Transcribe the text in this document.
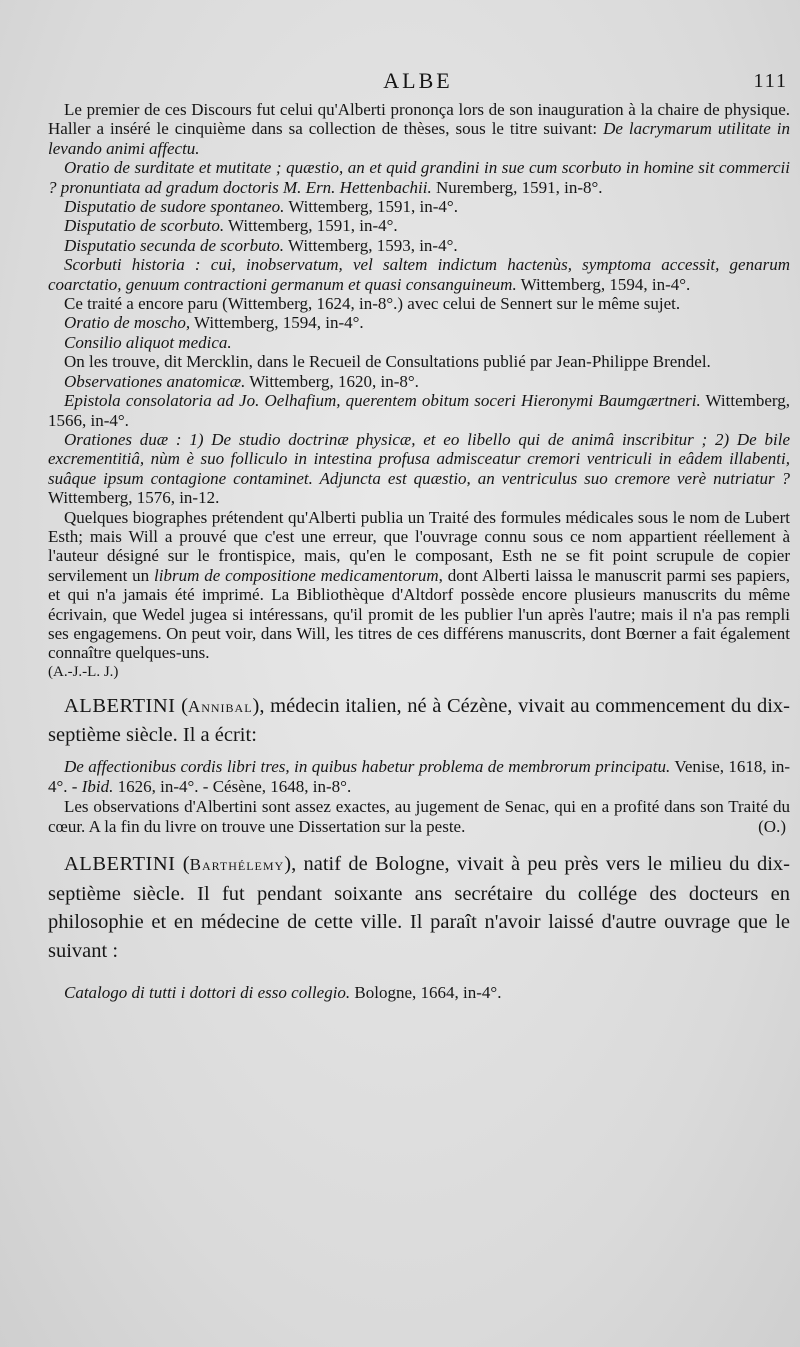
ALBE	111

Le premier de ces Discours fut celui qu'Alberti prononça lors de son inauguration à la chaire de physique. Haller a inséré le cinquième dans sa collection de thèses, sous le titre suivant: De lacrymarum utilitate in levando animi affectu.

Oratio de surditate et mutitate ; quæstio, an et quid grandini in sue cum scorbuto in homine sit commercii ? pronuntiata ad gradum doctoris M. Ern. Hettenbachii. Nuremberg, 1591, in-8°.

Disputatio de sudore spontaneo. Wittemberg, 1591, in-4°.

Disputatio de scorbuto. Wittemberg, 1591, in-4°.

Disputatio secunda de scorbuto. Wittemberg, 1593, in-4°.

Scorbuti historia : cui, inobservatum, vel saltem indictum hactenùs, symptoma accessit, genarum coarctatio, genuum contractioni germanum et quasi consanguineum. Wittemberg, 1594, in-4°.

Ce traité a encore paru (Wittemberg, 1624, in-8°.) avec celui de Sennert sur le même sujet.

Oratio de moscho, Wittemberg, 1594, in-4°.

Consilio aliquot medica.

On les trouve, dit Mercklin, dans le Recueil de Consultations publié par Jean-Philippe Brendel.

Observationes anatomicæ. Wittemberg, 1620, in-8°.

Epistola consolatoria ad Jo. Oelhafium, querentem obitum soceri Hieronymi Baumgærtneri. Wittemberg, 1566, in-4°.

Orationes duæ : 1) De studio doctrinæ physicæ, et eo libello qui de animâ inscribitur ; 2) De bile excrementitiâ, nùm è suo folliculo in intestina profusa admisceatur cremori ventriculi in eâdem illabenti, suâque ipsum contagione contaminet. Adjuncta est quæstio, an ventriculus suo cremore verè nutriatur ? Wittemberg, 1576, in-12.

Quelques biographes prétendent qu'Alberti publia un Traité des formules médicales sous le nom de Lubert Esth; mais Will a prouvé que c'est une erreur, que l'ouvrage connu sous ce nom appartient réellement à l'auteur désigné sur le frontispice, mais, qu'en le composant, Esth ne se fit point scrupule de copier servilement un librum de compositione medicamentorum, dont Alberti laissa le manuscrit parmi ses papiers, et qui n'a jamais été imprimé. La Bibliothèque d'Altdorf possède encore plusieurs manuscrits du même écrivain, que Wedel jugea si intéressans, qu'il promit de les publier l'un après l'autre; mais il n'a pas rempli ses engagemens. On peut voir, dans Will, les titres de ces différens manuscrits, dont Bœrner a fait également connaître quelques-uns.

(A.-J.-L. J.)

ALBERTINI (Annibal), médecin italien, né à Cézène, vivait au commencement du dix-septième siècle. Il a écrit:

De affectionibus cordis libri tres, in quibus habetur problema de membrorum principatu. Venise, 1618, in-4°. - Ibid. 1626, in-4°. - Césène, 1648, in-8°.

Les observations d'Albertini sont assez exactes, au jugement de Senac, qui en a profité dans son Traité du cœur. A la fin du livre on trouve une Dissertation sur la peste.	(O.)

ALBERTINI (Barthélemy), natif de Bologne, vivait à peu près vers le milieu du dix-septième siècle. Il fut pendant soixante ans secrétaire du collége des docteurs en philosophie et en médecine de cette ville. Il paraît n'avoir laissé d'autre ouvrage que le suivant :

Catalogo di tutti i dottori di esso collegio. Bologne, 1664, in-4°.
